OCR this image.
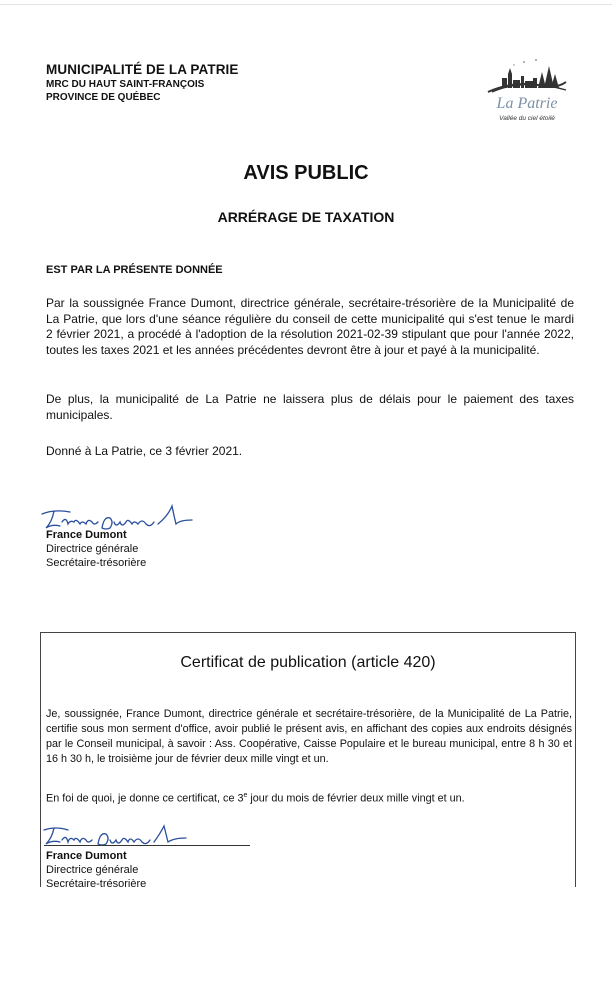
MUNICIPALITÉ DE LA PATRIE
MRC DU HAUT SAINT-FRANÇOIS
PROVINCE DE QUÉBEC	La Patrie
Vallée du ciel étoilé
AVIS PUBLIC
ARRÉRAGE DE TAXATION
EST PAR LA PRÉSENTE DONNÉE

Par la soussignée France Dumont, directrice générale, secrétaire-trésorière de la Municipalité de La Patrie, que lors d'une séance régulière du conseil de cette municipalité qui s'est tenue le mardi 2 février 2021, a procédé à l'adoption de la résolution 2021-02-39 stipulant que pour l'année 2022, toutes les taxes 2021 et les années précédentes devront être à jour et payé à la municipalité.

De plus, la municipalité de La Patrie ne laissera plus de délais pour le paiement des taxes municipales.

Donné à La Patrie, ce 3 février 2021.

France Dumont
Directrice générale
Secrétaire-trésorière
Certificat de publication (article 420)

Je, soussignée, France Dumont, directrice générale et secrétaire-trésorière, de la Municipalité de La Patrie, certifie sous mon serment d'office, avoir publié le présent avis, en affichant des copies aux endroits désignés par le Conseil municipal, à savoir : Ass. Coopérative, Caisse Populaire et le bureau municipal, entre 8 h 30 et 16 h 30 h, le troisième jour de février deux mille vingt et un.

En foi de quoi, je donne ce certificat, ce 3e jour du mois de février deux mille vingt et un.

France Dumont
Directrice générale
Secrétaire-trésorière
